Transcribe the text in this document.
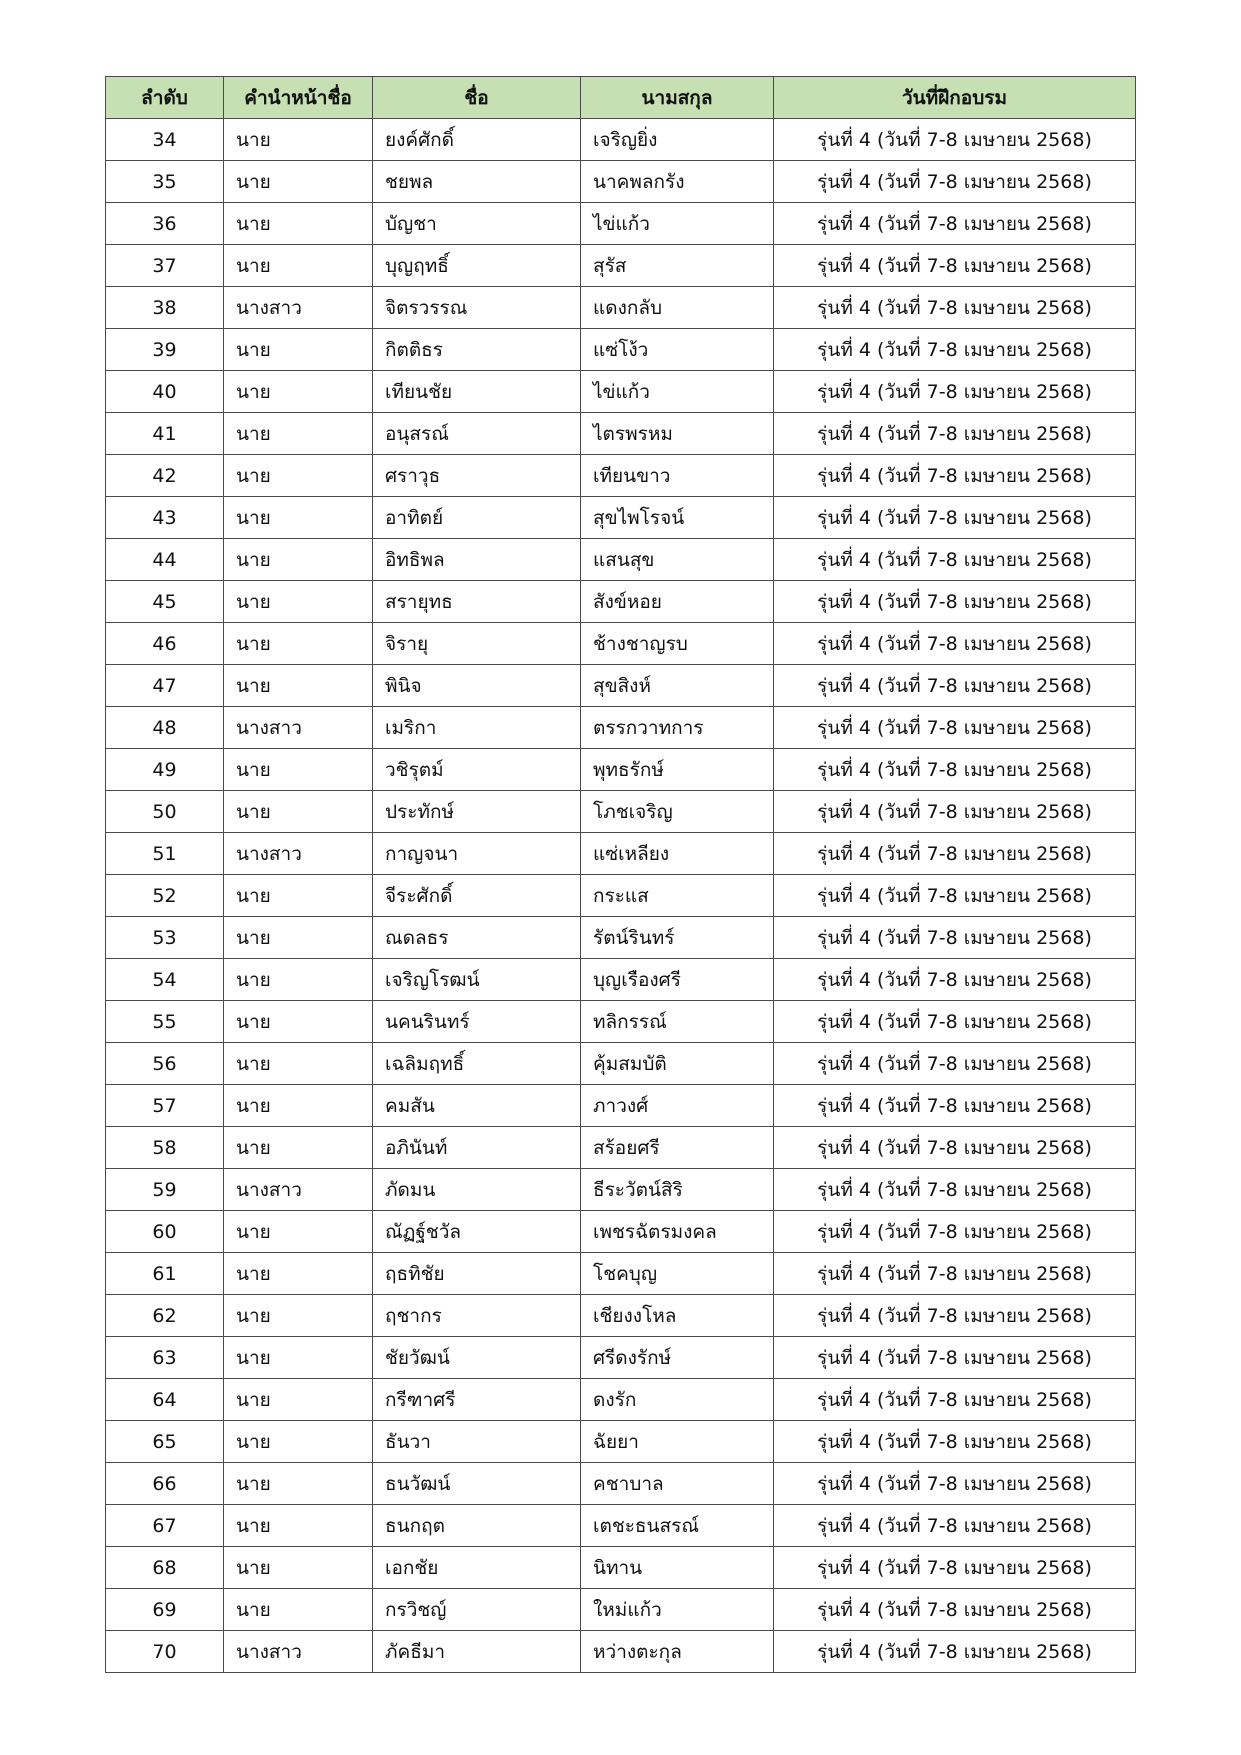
ลำดับ	คำนำหน้าชื่อ	ชื่อ	นามสกุล	วันที่ฝึกอบรม
34	นาย	ยงค์ศักดิ์	เจริญยิ่ง	รุ่นที่ 4 (วันที่ 7-8 เมษายน 2568)
35	นาย	ชยพล	นาคพลกรัง	รุ่นที่ 4 (วันที่ 7-8 เมษายน 2568)
36	นาย	บัญชา	ไข่แก้ว	รุ่นที่ 4 (วันที่ 7-8 เมษายน 2568)
37	นาย	บุญฤทธิ์	สุรัส	รุ่นที่ 4 (วันที่ 7-8 เมษายน 2568)
38	นางสาว	จิตรวรรณ	แดงกลับ	รุ่นที่ 4 (วันที่ 7-8 เมษายน 2568)
39	นาย	กิตติธร	แซ่โง้ว	รุ่นที่ 4 (วันที่ 7-8 เมษายน 2568)
40	นาย	เทียนชัย	ไข่แก้ว	รุ่นที่ 4 (วันที่ 7-8 เมษายน 2568)
41	นาย	อนุสรณ์	ไตรพรหม	รุ่นที่ 4 (วันที่ 7-8 เมษายน 2568)
42	นาย	ศราวุธ	เทียนขาว	รุ่นที่ 4 (วันที่ 7-8 เมษายน 2568)
43	นาย	อาทิตย์	สุขไพโรจน์	รุ่นที่ 4 (วันที่ 7-8 เมษายน 2568)
44	นาย	อิทธิพล	แสนสุข	รุ่นที่ 4 (วันที่ 7-8 เมษายน 2568)
45	นาย	สรายุทธ	สังข์หอย	รุ่นที่ 4 (วันที่ 7-8 เมษายน 2568)
46	นาย	จิรายุ	ช้างชาญรบ	รุ่นที่ 4 (วันที่ 7-8 เมษายน 2568)
47	นาย	พินิจ	สุขสิงห์	รุ่นที่ 4 (วันที่ 7-8 เมษายน 2568)
48	นางสาว	เมริกา	ตรรกวาทการ	รุ่นที่ 4 (วันที่ 7-8 เมษายน 2568)
49	นาย	วชิรุตม์	พุทธรักษ์	รุ่นที่ 4 (วันที่ 7-8 เมษายน 2568)
50	นาย	ประทักษ์	โภชเจริญ	รุ่นที่ 4 (วันที่ 7-8 เมษายน 2568)
51	นางสาว	กาญจนา	แซ่เหลียง	รุ่นที่ 4 (วันที่ 7-8 เมษายน 2568)
52	นาย	จีระศักดิ์	กระแส	รุ่นที่ 4 (วันที่ 7-8 เมษายน 2568)
53	นาย	ณดลธร	รัตน์รินทร์	รุ่นที่ 4 (วันที่ 7-8 เมษายน 2568)
54	นาย	เจริญโรฒน์	บุญเรืองศรี	รุ่นที่ 4 (วันที่ 7-8 เมษายน 2568)
55	นาย	นคนรินทร์	ทลิกรรณ์	รุ่นที่ 4 (วันที่ 7-8 เมษายน 2568)
56	นาย	เฉลิมฤทธิ์	คุ้มสมบัติ	รุ่นที่ 4 (วันที่ 7-8 เมษายน 2568)
57	นาย	คมสัน	ภาวงศ์	รุ่นที่ 4 (วันที่ 7-8 เมษายน 2568)
58	นาย	อภินันท์	สร้อยศรี	รุ่นที่ 4 (วันที่ 7-8 เมษายน 2568)
59	นางสาว	ภัดมน	ธีระวัตน์สิริ	รุ่นที่ 4 (วันที่ 7-8 เมษายน 2568)
60	นาย	ณัฏฐ์ชวัล	เพชรฉัตรมงคล	รุ่นที่ 4 (วันที่ 7-8 เมษายน 2568)
61	นาย	ฤธทิชัย	โชคบุญ	รุ่นที่ 4 (วันที่ 7-8 เมษายน 2568)
62	นาย	ฤชากร	เชียงงโหล	รุ่นที่ 4 (วันที่ 7-8 เมษายน 2568)
63	นาย	ชัยวัฒน์	ศรีดงรักษ์	รุ่นที่ 4 (วันที่ 7-8 เมษายน 2568)
64	นาย	กรีฑาศรี	ดงรัก	รุ่นที่ 4 (วันที่ 7-8 เมษายน 2568)
65	นาย	ธันวา	ฉัยยา	รุ่นที่ 4 (วันที่ 7-8 เมษายน 2568)
66	นาย	ธนวัฒน์	คชาบาล	รุ่นที่ 4 (วันที่ 7-8 เมษายน 2568)
67	นาย	ธนกฤต	เตชะธนสรณ์	รุ่นที่ 4 (วันที่ 7-8 เมษายน 2568)
68	นาย	เอกชัย	นิทาน	รุ่นที่ 4 (วันที่ 7-8 เมษายน 2568)
69	นาย	กรวิชญ์	ใหม่แก้ว	รุ่นที่ 4 (วันที่ 7-8 เมษายน 2568)
70	นางสาว	ภัคธีมา	หว่างตะกุล	รุ่นที่ 4 (วันที่ 7-8 เมษายน 2568)
